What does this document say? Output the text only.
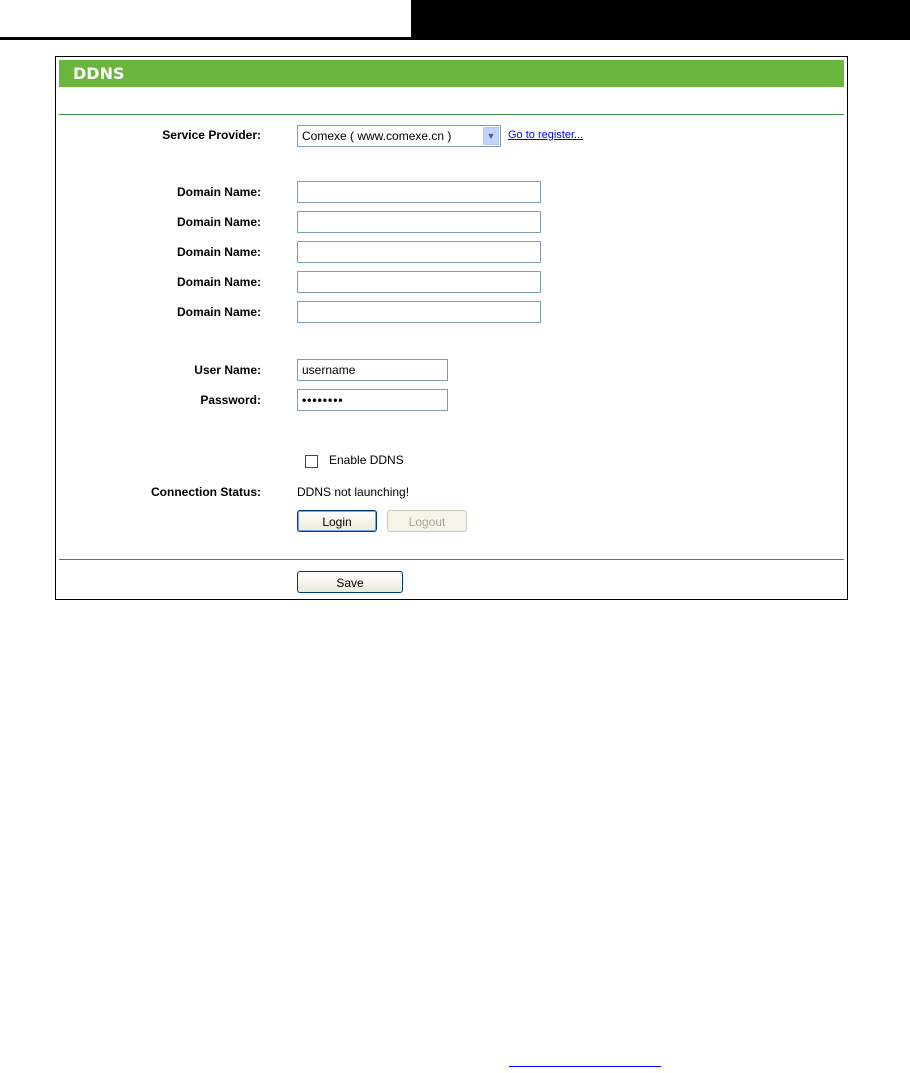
DDNS
Service Provider:	Comexe ( www.comexe.cn )	▼	Go to register...
Domain Name:
Domain Name:
Domain Name:
Domain Name:
Domain Name:
User Name:
username
Password:	••••••••
Enable DDNS
Connection Status:	DDNS not launching!
Login	Logout
Save
